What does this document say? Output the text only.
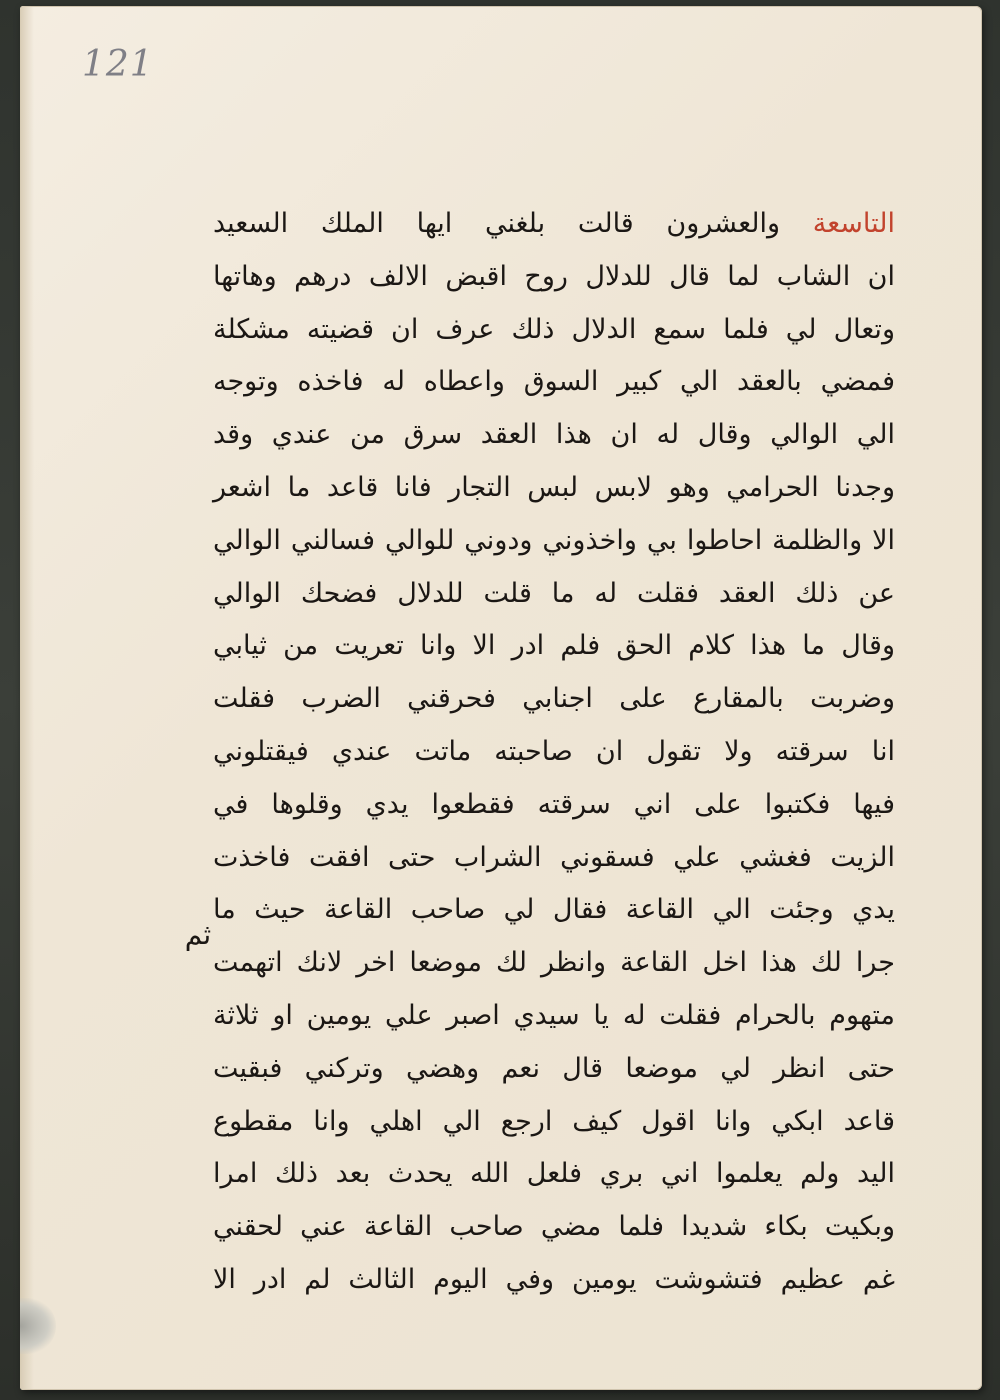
121
ثم
التاسعة والعشرون قالت بلغني ايها الملك السعيد
ان الشاب لما قال للدلال روح اقبض الالف درهم وهاتها
وتعال لي فلما سمع الدلال ذلك عرف ان قضيته مشكلة
فمضي بالعقد الي كبير السوق واعطاه له فاخذه وتوجه
الي الوالي وقال له ان هذا العقد سرق من عندي وقد
وجدنا الحرامي وهو لابس لبس التجار فانا قاعد ما اشعر
الا والظلمة احاطوا بي واخذوني ودوني للوالي فسالني الوالي
عن ذلك العقد فقلت له ما قلت للدلال فضحك الوالي
وقال ما هذا كلام الحق فلم ادر الا وانا تعريت من ثيابي
وضربت بالمقارع على اجنابي فحرقني الضرب فقلت
انا سرقته ولا تقول ان صاحبته ماتت عندي فيقتلوني
فيها فكتبوا على اني سرقته فقطعوا يدي وقلوها في
الزيت فغشي علي فسقوني الشراب حتى افقت فاخذت
يدي وجئت الي القاعة فقال لي صاحب القاعة حيث ما
جرا لك هذا اخل القاعة وانظر لك موضعا اخر لانك اتهمت
متهوم بالحرام فقلت له يا سيدي اصبر علي يومين او ثلاثة
حتى انظر لي موضعا قال نعم وهضي وتركني فبقيت
قاعد ابكي وانا اقول كيف ارجع الي اهلي وانا مقطوع
اليد ولم يعلموا اني بري فلعل الله يحدث بعد ذلك امرا
وبكيت بكاء شديدا فلما مضي صاحب القاعة عني لحقني
غم عظيم فتشوشت يومين وفي اليوم الثالث لم ادر الا
